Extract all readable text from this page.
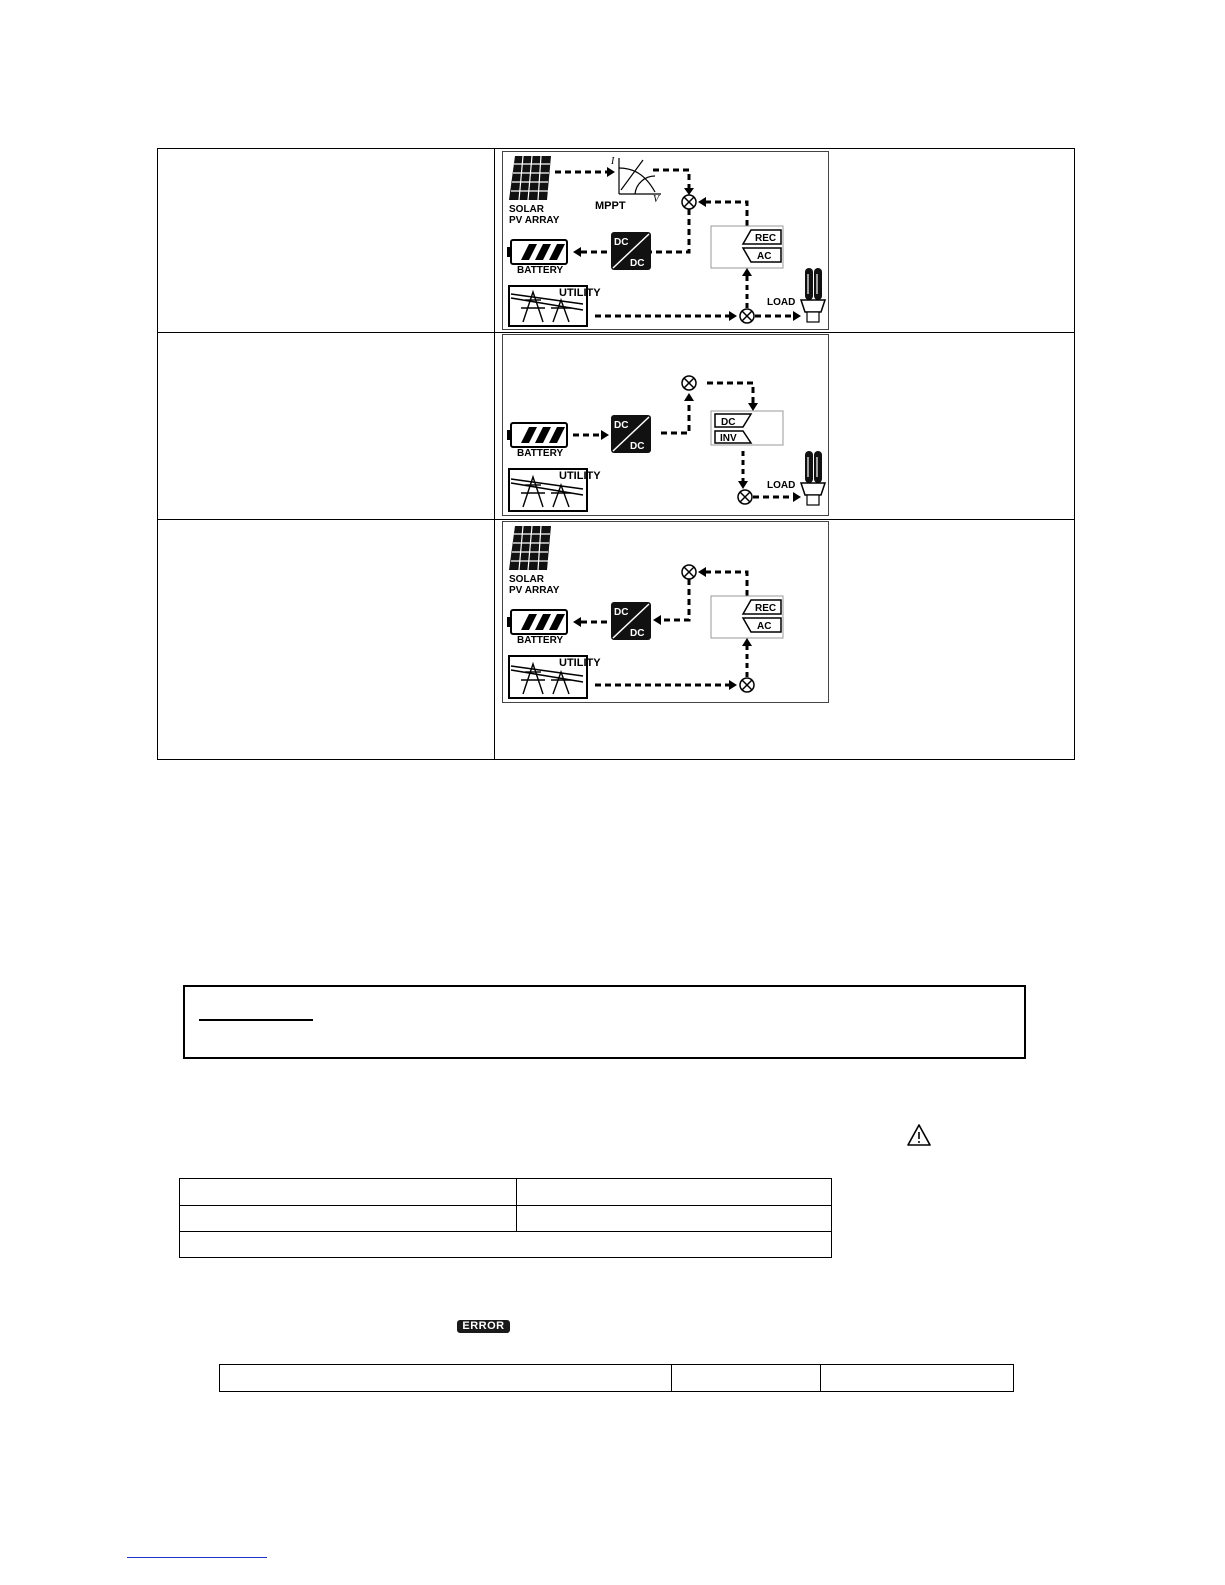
SOLAR
PV ARRAY
I
V
MPPT
DC
DC
BATTERY
REC
AC
UTILITY
LOAD
BATTERY
DC
DC
DC
INV
LOAD
UTILITY
SOLAR
PV ARRAY
DC
DC
BATTERY
REC
AC
UTILITY

ERROR
